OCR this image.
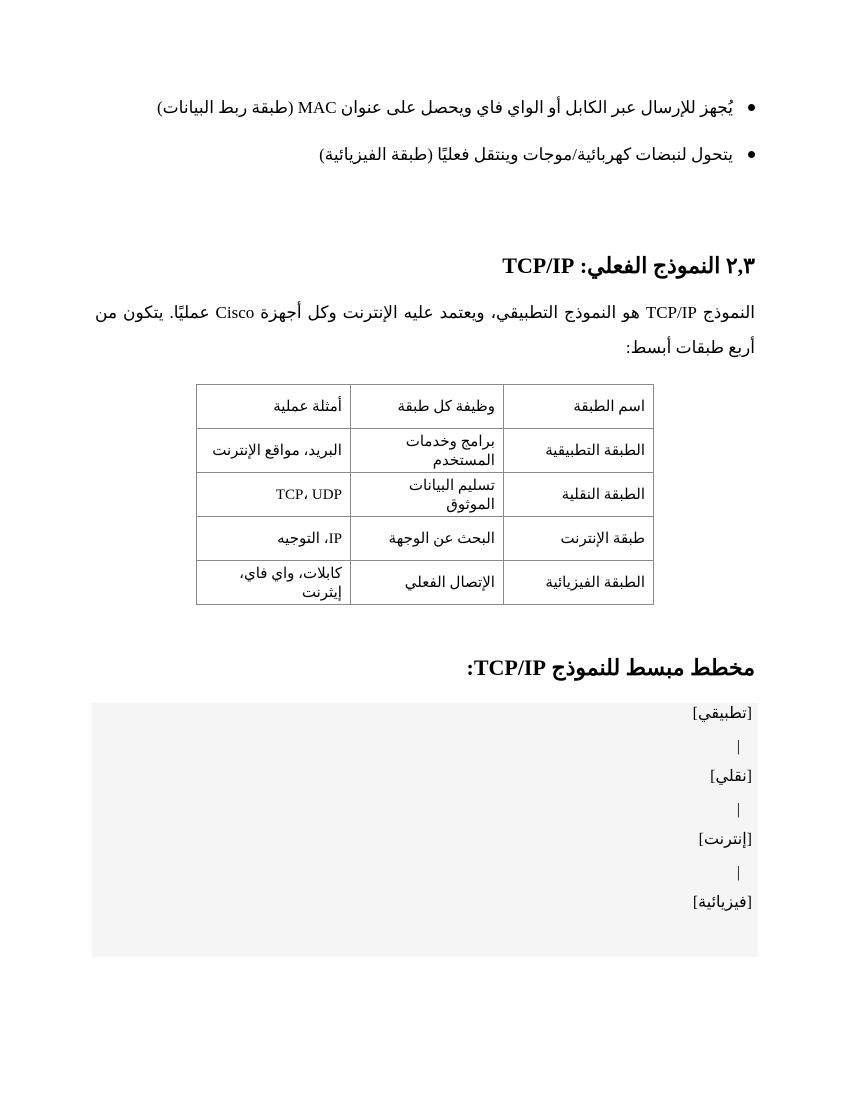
يُجهز للإرسال عبر الكابل أو الواي فاي ويحصل على عنوان MAC (طبقة ربط البيانات)
يتحول لنبضات كهربائية/موجات وينتقل فعليًا (طبقة الفيزيائية)
٢,٣ النموذج الفعلي: TCP/IP

النموذج TCP/IP هو النموذج التطبيقي، ويعتمد عليه الإنترنت وكل أجهزة Cisco عمليًا. يتكون من أربع طبقات أبسط:

اسم الطبقة	وظيفة كل طبقة	أمثلة عملية
الطبقة التطبيقية	برامج وخدمات المستخدم	البريد، مواقع الإنترنت
الطبقة النقلية	تسليم البيانات الموثوق	TCP، UDP
طبقة الإنترنت	البحث عن الوجهة	IP، التوجيه
الطبقة الفيزيائية	الإتصال الفعلي	كابلات، واي فاي، إيثرنت
مخطط مبسط للنموذج TCP/IP:
[تطبيقي]
|
[نقلي]
|
[إنترنت]
|
[فيزيائية]
